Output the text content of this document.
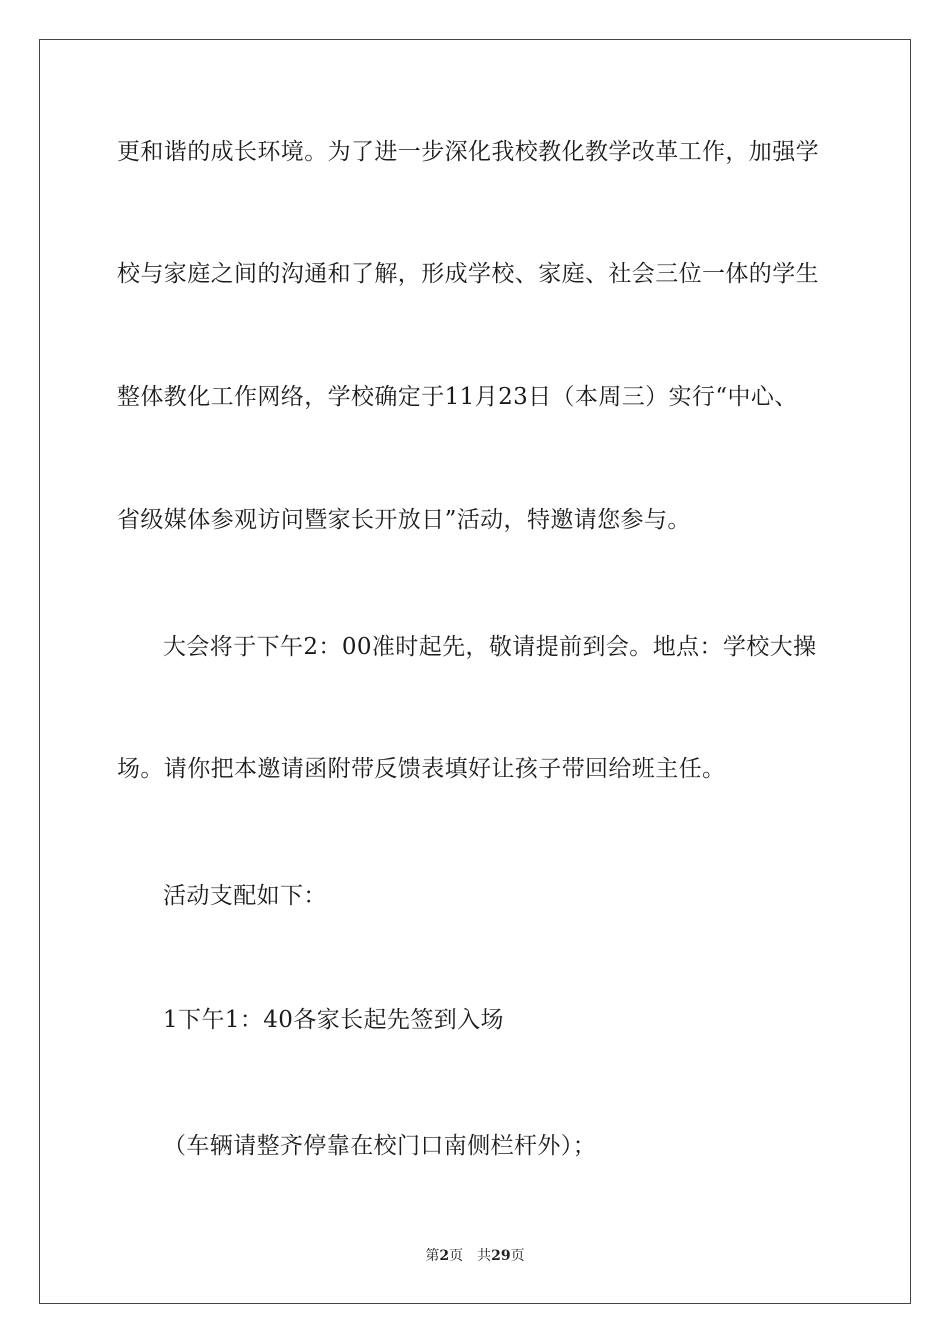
更和谐的成长环境。为了进一步深化我校教化教学改革工作，加强学
校与家庭之间的沟通和了解，形成学校、家庭、社会三位一体的学生
整体教化工作网络，学校确定于11月23日（本周三）实行“中心、
省级媒体参观访问暨家长开放日”活动，特邀请您参与。
大会将于下午2：00准时起先，敬请提前到会。地点：学校大操
场。请你把本邀请函附带反馈表填好让孩子带回给班主任。
活动支配如下：
1下午1：40各家长起先签到入场
（车辆请整齐停靠在校门口南侧栏杆外）；
第2页 共29页
